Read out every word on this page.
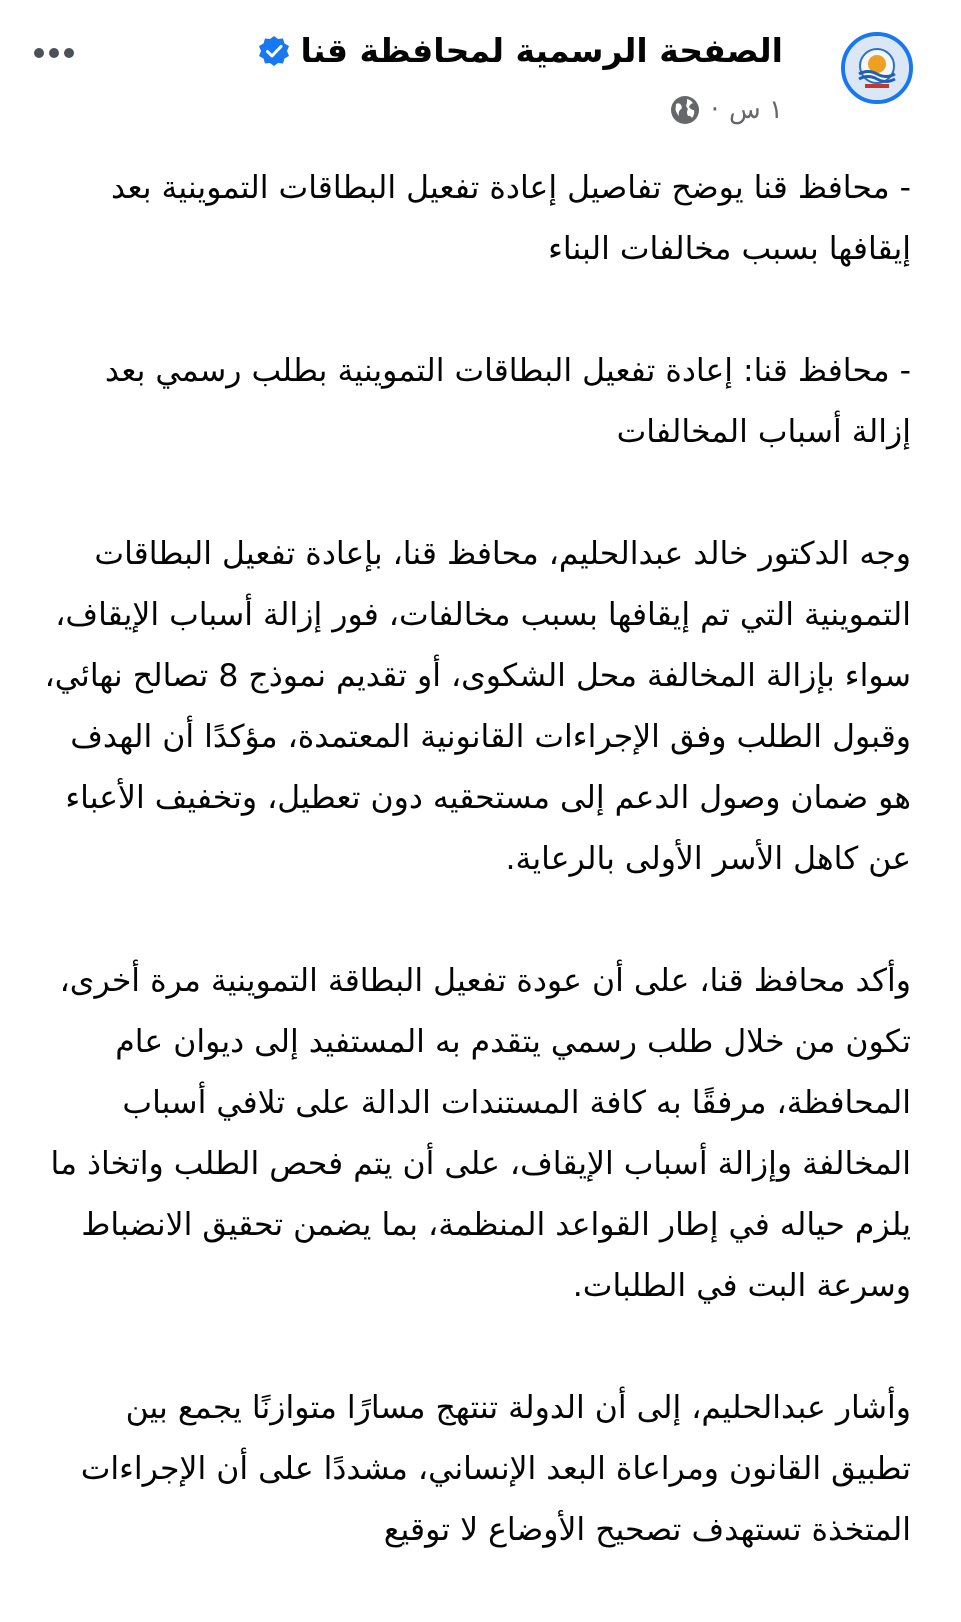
الصفحة الرسمية لمحافظة قنا
١ س
·

- محافظ قنا يوضح تفاصيل إعادة تفعيل البطاقات التموينية بعد إيقافها بسبب مخالفات البناء

- محافظ قنا: إعادة تفعيل البطاقات التموينية بطلب رسمي بعد إزالة أسباب المخالفات

وجه الدكتور خالد عبدالحليم، محافظ قنا، بإعادة تفعيل البطاقات التموينية التي تم إيقافها بسبب مخالفات، فور إزالة أسباب الإيقاف، سواء بإزالة المخالفة محل الشكوى، أو تقديم نموذج 8 تصالح نهائي، وقبول الطلب وفق الإجراءات القانونية المعتمدة، مؤكدًا أن الهدف هو ضمان وصول الدعم إلى مستحقيه دون تعطيل، وتخفيف الأعباء عن كاهل الأسر الأولى بالرعاية.

وأكد محافظ قنا، على أن عودة تفعيل البطاقة التموينية مرة أخرى، تكون من خلال طلب رسمي يتقدم به المستفيد إلى ديوان عام المحافظة، مرفقًا به كافة المستندات الدالة على تلافي أسباب المخالفة وإزالة أسباب الإيقاف، على أن يتم فحص الطلب واتخاذ ما يلزم حياله في إطار القواعد المنظمة، بما يضمن تحقيق الانضباط وسرعة البت في الطلبات.

وأشار عبدالحليم، إلى أن الدولة تنتهج مسارًا متوازنًا يجمع بين تطبيق القانون ومراعاة البعد الإنساني، مشددًا على أن الإجراءات المتخذة تستهدف تصحيح الأوضاع لا توقيع
